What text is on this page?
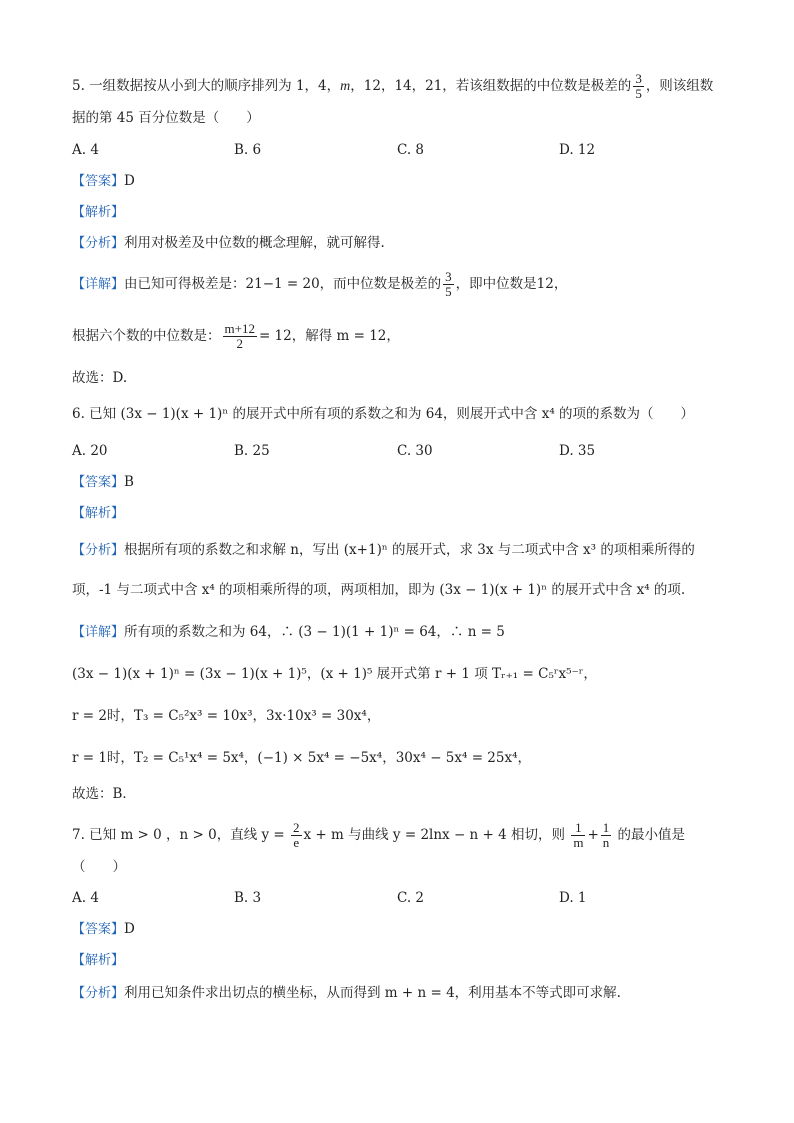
5. 一组数据按从小到大的顺序排列为 1，4，m，12，14，21，若该组数据的中位数是极差的 $\frac{3}{5}$ ，则该组数
据的第 45 百分位数是（　　）
A. 4	B. 6	C. 8	D. 12
【答案】D
【解析】
【分析】利用对极差及中位数的概念理解，就可解得.
【详解】由已知可得极差是：21−1 = 20，而中位数是极差的 $\frac{3}{5}$ ，即中位数是12，
根据六个数的中位数是： $\frac{m+12}{2} = 12$，解得 m = 12，
故选：D.
6. 已知 (3x − 1)(x + 1)ⁿ 的展开式中所有项的系数之和为 64，则展开式中含 x⁴ 的项的系数为（　　）
A. 20	B. 25	C. 30	D. 35
【答案】B
【解析】
【分析】根据所有项的系数之和求解 n，写出 (x+1)ⁿ 的展开式，求 3x 与二项式中含 x³ 的项相乘所得的
项，-1 与二项式中含 x⁴ 的项相乘所得的项，两项相加，即为 (3x − 1)(x + 1)ⁿ 的展开式中含 x⁴ 的项.
【详解】所有项的系数之和为 64，∴ (3 − 1)(1 + 1)ⁿ = 64，∴ n = 5
(3x − 1)(x + 1)ⁿ = (3x − 1)(x + 1)⁵，(x + 1)⁵ 展开式第 r + 1 项 Tᵣ₊₁ = C₅ʳx⁵⁻ʳ，
r = 2时，T₃ = C₅²x³ = 10x³，3x·10x³ = 30x⁴，
r = 1时，T₂ = C₅¹x⁴ = 5x⁴，(−1) × 5x⁴ = −5x⁴，30x⁴ − 5x⁴ = 25x⁴，
故选：B．
7. 已知 m > 0 ，n > 0，直线 $y = \frac{2}{e}$ x + m 与曲线 y = 2lnx − n + 4 相切，则 $\frac{1}{m} + \frac{1}{n}$ 的最小值是
（　　）
A. 4	B. 3	C. 2	D. 1
【答案】D
【解析】
【分析】利用已知条件求出切点的横坐标，从而得到 m + n = 4，利用基本不等式即可求解.
